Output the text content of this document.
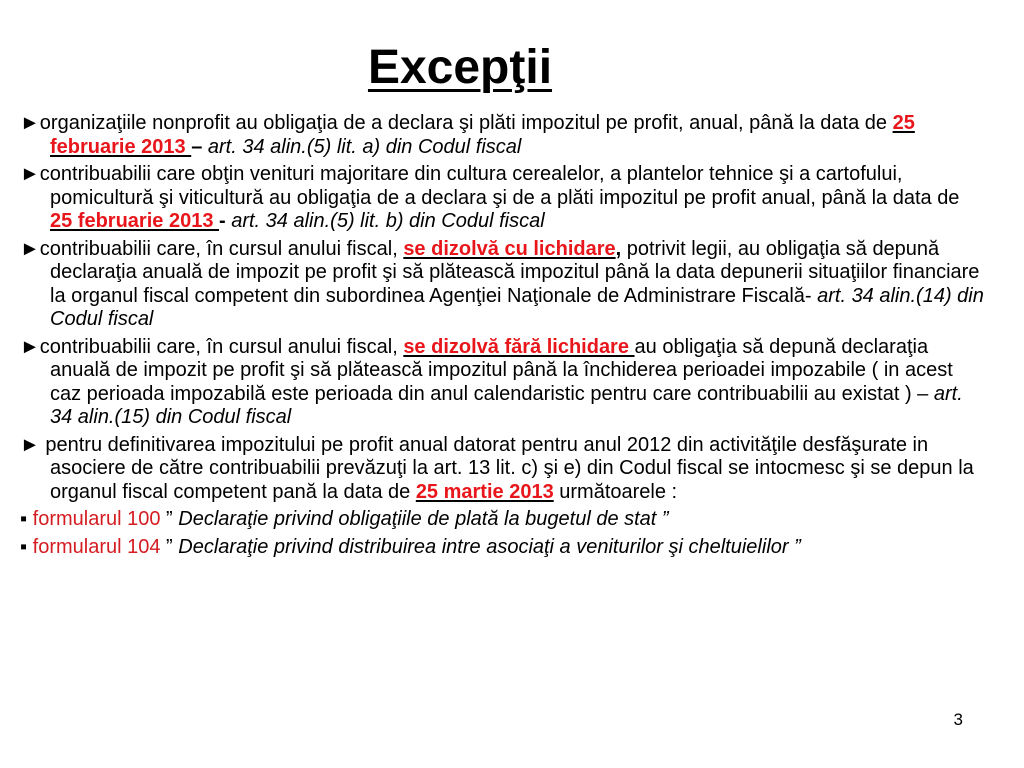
Excepţii

►organizaţiile nonprofit au obligaţia de a declara şi plăti impozitul pe profit, anual, până la data de 25 februarie 2013 – art. 34 alin.(5) lit. a) din Codul fiscal

►contribuabilii care obţin venituri majoritare din cultura cerealelor, a plantelor tehnice şi a cartofului, pomicultură şi viticultură au obligaţia de a declara şi de a plăti impozitul pe profit anual, până la data de 25 februarie 2013 - art. 34 alin.(5) lit. b) din Codul fiscal

►contribuabilii care, în cursul anului fiscal, se dizolvă cu lichidare, potrivit legii, au obligaţia să depună declaraţia anuală de impozit pe profit şi să plătească impozitul până la data depunerii situaţiilor financiare la organul fiscal competent din subordinea Agenţiei Naţionale de Administrare Fiscală- art. 34 alin.(14) din Codul fiscal

►contribuabilii care, în cursul anului fiscal, se dizolvă fără lichidare au obligaţia să depună declaraţia anuală de impozit pe profit şi să plătească impozitul până la închiderea perioadei impozabile ( in acest caz perioada impozabilă este perioada din anul calendaristic pentru care contribuabilii au existat ) – art. 34 alin.(15) din Codul fiscal

► pentru definitivarea impozitului pe profit anual datorat pentru anul 2012 din activităţile desfăşurate in asociere de către contribuabilii prevăzuţi la art. 13 lit. c) şi e) din Codul fiscal se intocmesc şi se depun la organul fiscal competent pană la data de 25 martie 2013 următoarele :

▪ formularul 100 ” Declaraţie privind obligaţiile de plată la bugetul de stat ”

▪ formularul 104 ” Declaraţie privind distribuirea intre asociaţi a veniturilor şi cheltuielilor ”

3
